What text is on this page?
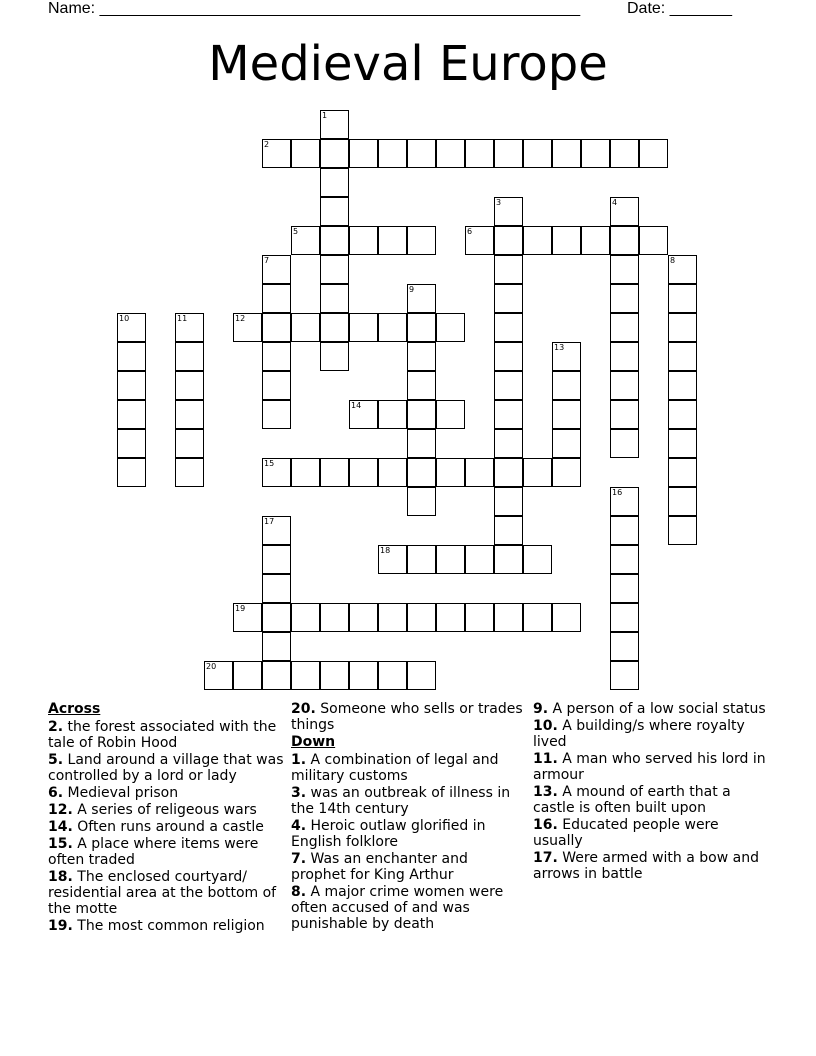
Name: ______________________________________________________	Date: _______
Medieval Europe
1
2
3	4
5	6
7	8
9
10	11	12
13
14
15
16
17
18
19
20
Across
2. the forest associated with the tale of Robin Hood
5. Land around a village that was controlled by a lord or lady
6. Medieval prison
12. A series of religeous wars
14. Often runs around a castle
15. A place where items were often traded
18. The enclosed courtyard/ residential area at the bottom of the motte
19. The most common religion
20. Someone who sells or trades things
Down
1. A combination of legal and military customs
3. was an outbreak of illness in the 14th century
4. Heroic outlaw glorified in English folklore
7. Was an enchanter and prophet for King Arthur
8. A major crime women were often accused of and was punishable by death
9. A person of a low social status
10. A building/s where royalty lived
11. A man who served his lord in armour
13. A mound of earth that a castle is often built upon
16. Educated people were usually
17. Were armed with a bow and arrows in battle
